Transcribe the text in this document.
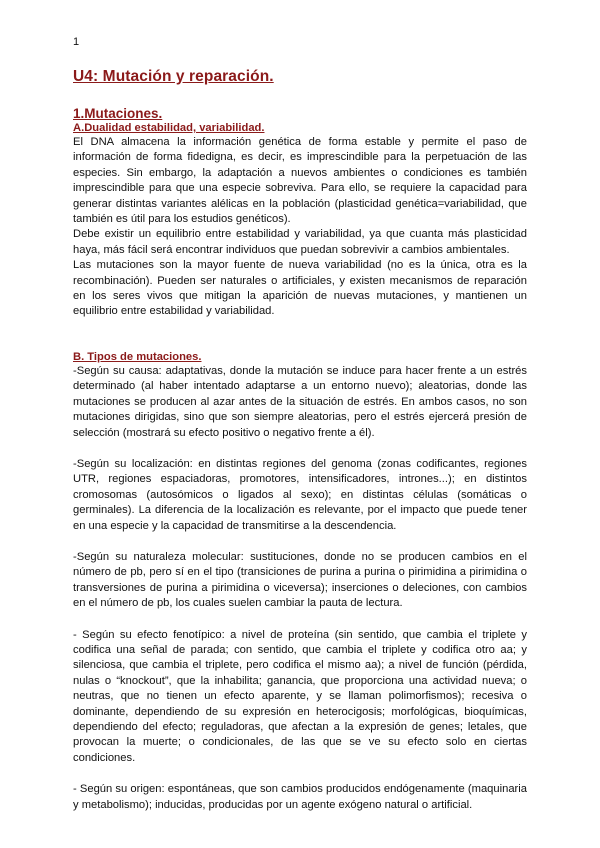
1
U4: Mutación y reparación.
1.Mutaciones.
A.Dualidad estabilidad, variabilidad.

El DNA almacena la información genética de forma estable y permite el paso de información de forma fidedigna, es decir, es imprescindible para la perpetuación de las especies. Sin embargo, la adaptación a nuevos ambientes o condiciones es también imprescindible para que una especie sobreviva. Para ello, se requiere la capacidad para generar distintas variantes alélicas en la población (plasticidad genética=variabilidad, que también es útil para los estudios genéticos).

Debe existir un equilibrio entre estabilidad y variabilidad, ya que cuanta más plasticidad haya, más fácil será encontrar individuos que puedan sobrevivir a cambios ambientales.

Las mutaciones son la mayor fuente de nueva variabilidad (no es la única, otra es la recombinación). Pueden ser naturales o artificiales, y existen mecanismos de reparación en los seres vivos que mitigan la aparición de nuevas mutaciones, y mantienen un equilibrio entre estabilidad y variabilidad.

B. Tipos de mutaciones.

-Según su causa: adaptativas, donde la mutación se induce para hacer frente a un estrés determinado (al haber intentado adaptarse a un entorno nuevo); aleatorias, donde las mutaciones se producen al azar antes de la situación de estrés. En ambos casos, no son mutaciones dirigidas, sino que son siempre aleatorias, pero el estrés ejercerá presión de selección (mostrará su efecto positivo o negativo frente a él).

-Según su localización: en distintas regiones del genoma (zonas codificantes, regiones UTR, regiones espaciadoras, promotores, intensificadores, intrones...); en distintos cromosomas (autosómicos o ligados al sexo); en distintas células (somáticas o germinales). La diferencia de la localización es relevante, por el impacto que puede tener en una especie y la capacidad de transmitirse a la descendencia.

-Según su naturaleza molecular: sustituciones, donde no se producen cambios en el número de pb, pero sí en el tipo (transiciones de purina a purina o pirimidina a pirimidina o transversiones de purina a pirimidina o viceversa); inserciones o deleciones, con cambios en el número de pb, los cuales suelen cambiar la pauta de lectura.

- Según su efecto fenotípico: a nivel de proteína (sin sentido, que cambia el triplete y codifica una señal de parada; con sentido, que cambia el triplete y codifica otro aa; y silenciosa, que cambia el triplete, pero codifica el mismo aa); a nivel de función (pérdida, nulas o “knockout”, que la inhabilita; ganancia, que proporciona una actividad nueva; o neutras, que no tienen un efecto aparente, y se llaman polimorfismos); recesiva o dominante, dependiendo de su expresión en heterocigosis; morfológicas, bioquímicas, dependiendo del efecto; reguladoras, que afectan a la expresión de genes; letales, que provocan la muerte; o condicionales, de las que se ve su efecto solo en ciertas condiciones.

- Según su origen: espontáneas, que son cambios producidos endógenamente (maquinaria y metabolismo); inducidas, producidas por un agente exógeno natural o artificial.
